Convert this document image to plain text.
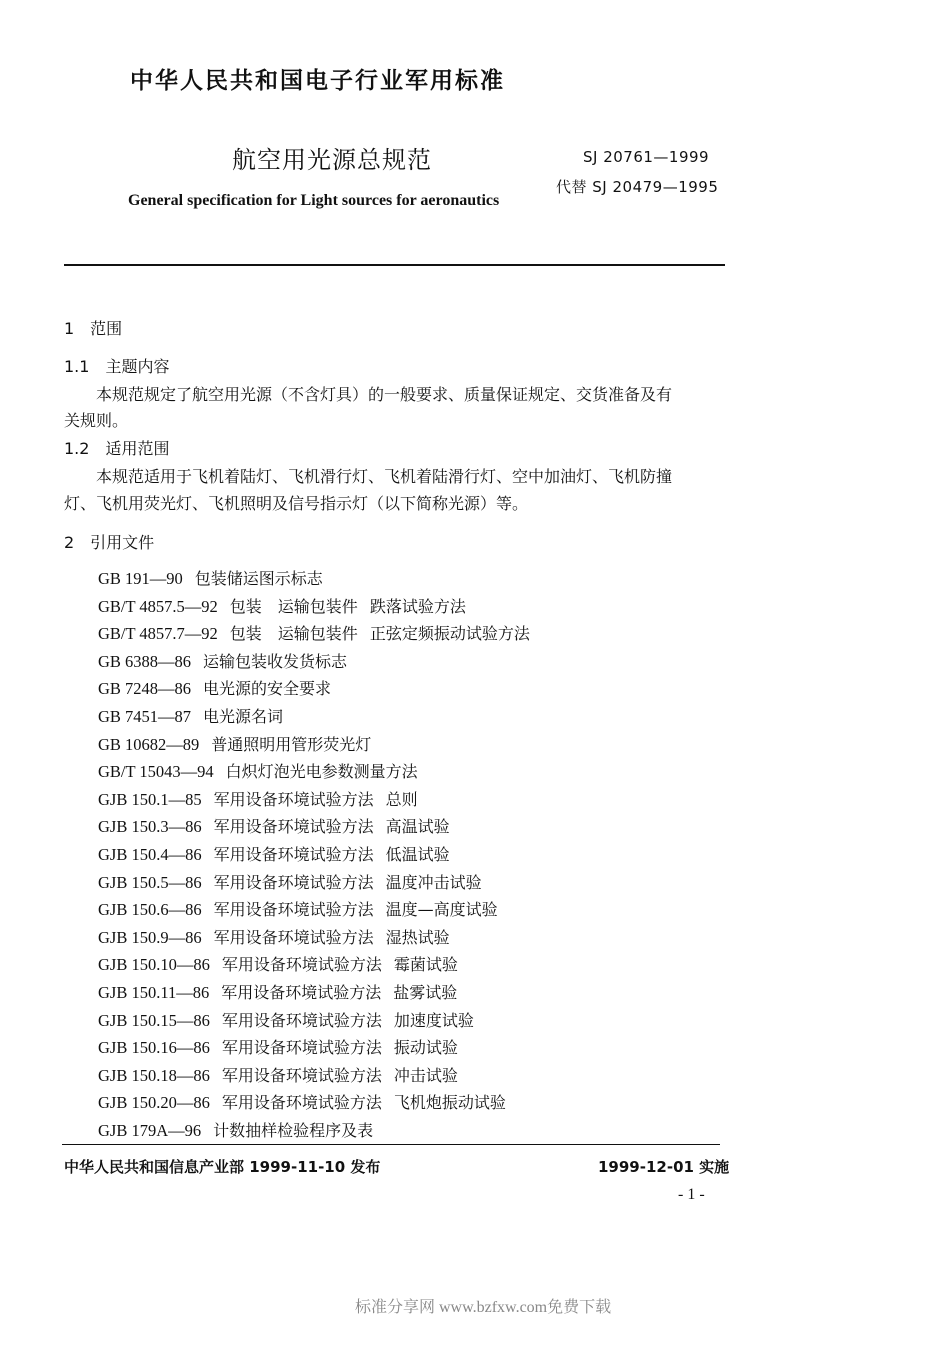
中华人民共和国电子行业军用标准
航空用光源总规范	SJ 20761—1999
代替 SJ 20479—1995
General specification for Light sources for aeronautics
1　范围
1.1　主题内容
本规范规定了航空用光源（不含灯具）的一般要求、质量保证规定、交货准备及有
关规则。
1.2　适用范围
本规范适用于飞机着陆灯、飞机滑行灯、飞机着陆滑行灯、空中加油灯、飞机防撞
灯、飞机用荧光灯、飞机照明及信号指示灯（以下简称光源）等。
2　引用文件
GB 191—90 包装储运图示标志
GB/T 4857.5—92 包装　运输包装件 跌落试验方法
GB/T 4857.7—92 包装　运输包装件 正弦定频振动试验方法
GB 6388—86 运输包装收发货标志
GB 7248—86 电光源的安全要求
GB 7451—87 电光源名词
GB 10682—89 普通照明用管形荧光灯
GB/T 15043—94 白炽灯泡光电参数测量方法
GJB 150.1—85 军用设备环境试验方法 总则
GJB 150.3—86 军用设备环境试验方法 高温试验
GJB 150.4—86 军用设备环境试验方法 低温试验
GJB 150.5—86 军用设备环境试验方法 温度冲击试验
GJB 150.6—86 军用设备环境试验方法 温度—高度试验
GJB 150.9—86 军用设备环境试验方法 湿热试验
GJB 150.10—86 军用设备环境试验方法 霉菌试验
GJB 150.11—86 军用设备环境试验方法 盐雾试验
GJB 150.15—86 军用设备环境试验方法 加速度试验
GJB 150.16—86 军用设备环境试验方法 振动试验
GJB 150.18—86 军用设备环境试验方法 冲击试验
GJB 150.20—86 军用设备环境试验方法 飞机炮振动试验
GJB 179A—96 计数抽样检验程序及表
中华人民共和国信息产业部 1999-11-10 发布	1999-12-01 实施
- 1 -
标准分享网 www.bzfxw.com免费下载
